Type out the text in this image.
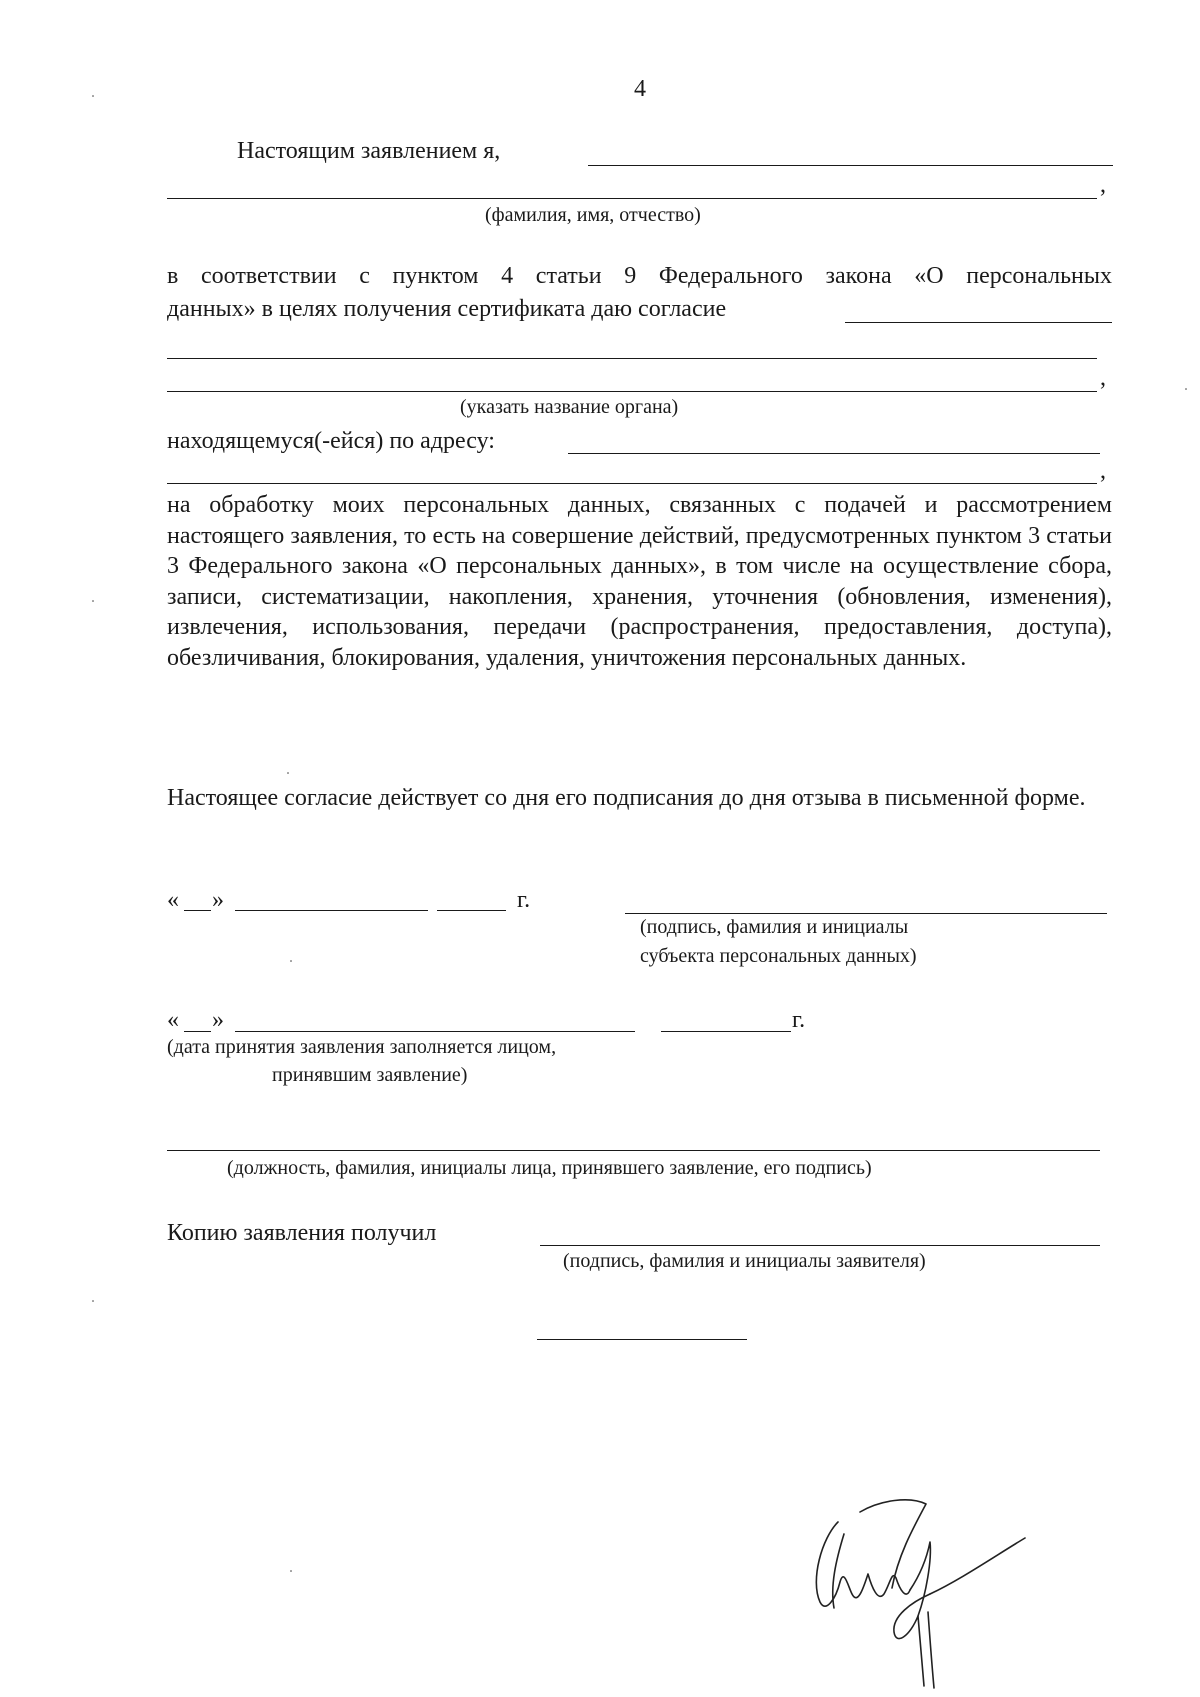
4
Настоящим заявлением я,
,
(фамилия, имя, отчество)
в соответствии с пунктом 4 статьи 9 Федерального закона «О персональных
данных» в целях получения сертификата даю согласие
,
(указать название органа)
находящемуся(-ейся) по адресу:
,
на обработку моих персональных данных, связанных с подачей и рассмотрением настоящего заявления, то есть на совершение действий, предусмотренных пунктом 3 статьи 3 Федерального закона «О персональных данных», в том числе на осуществление сбора, записи, систематизации, накопления, хранения, уточнения (обновления, изменения), извлечения, использования, передачи (распространения, предоставления, доступа), обезличивания, блокирования, удаления, уничтожения персональных данных.
Настоящее согласие действует со дня его подписания до дня отзыва в письменной форме.
« »	г.
(подпись, фамилия и инициалы
субъекта персональных данных)
« »	г.
(дата принятия заявления заполняется лицом,
принявшим заявление)
(должность, фамилия, инициалы лица, принявшего заявление, его подпись)
Копию заявления получил
(подпись, фамилия и инициалы заявителя)
